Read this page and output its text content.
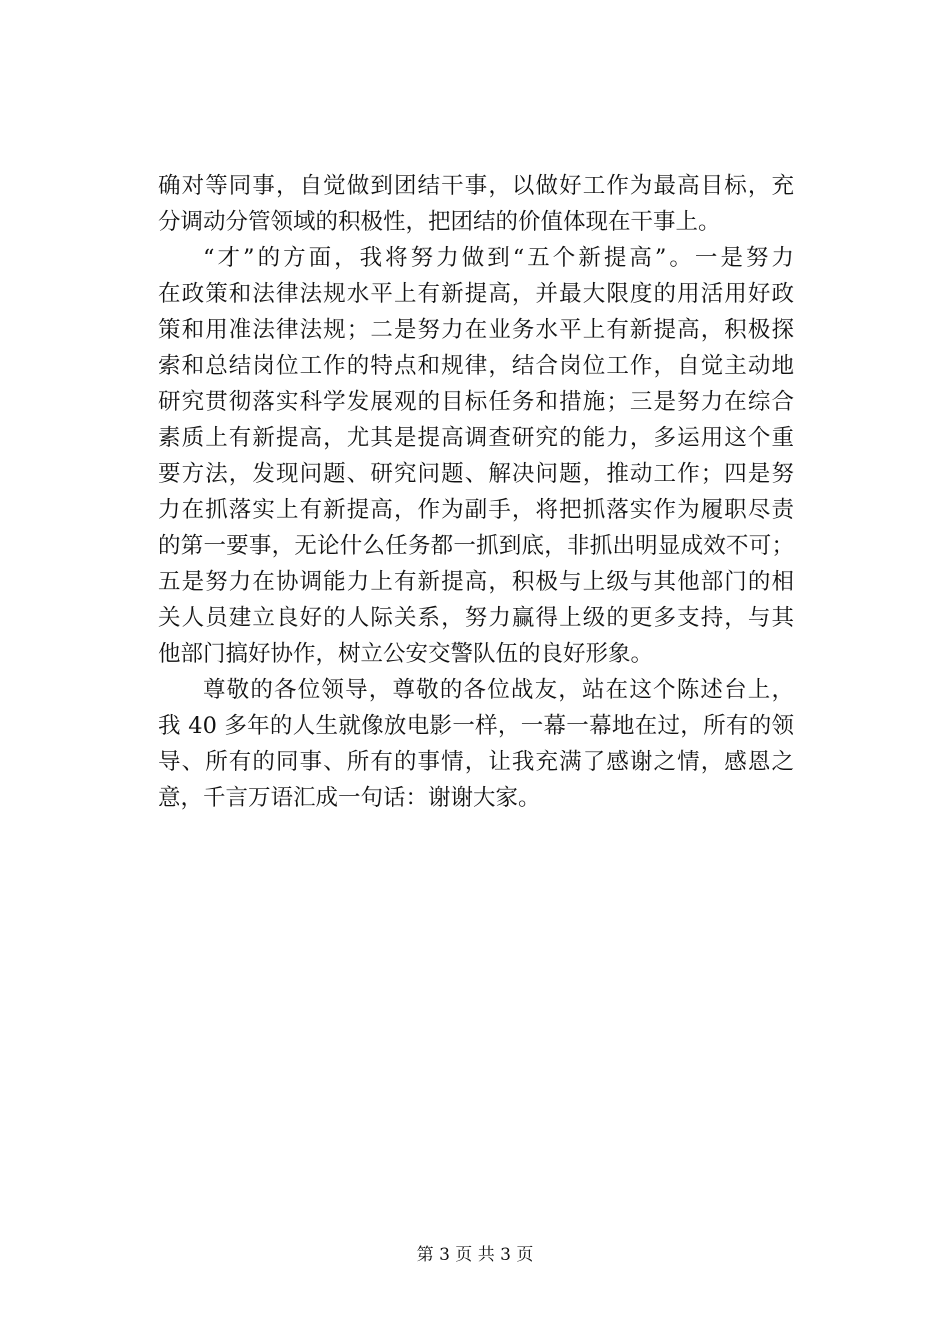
确对等同事，自觉做到团结干事，以做好工作为最高目标，充
分调动分管领域的积极性，把团结的价值体现在干事上。
“才”的方面，我将努力做到“五个新提高”。一是努力
在政策和法律法规水平上有新提高，并最大限度的用活用好政
策和用准法律法规；二是努力在业务水平上有新提高，积极探
索和总结岗位工作的特点和规律，结合岗位工作，自觉主动地
研究贯彻落实科学发展观的目标任务和措施；三是努力在综合
素质上有新提高，尤其是提高调查研究的能力，多运用这个重
要方法，发现问题、研究问题、解决问题，推动工作；四是努
力在抓落实上有新提高，作为副手，将把抓落实作为履职尽责
的第一要事，无论什么任务都一抓到底，非抓出明显成效不可；
五是努力在协调能力上有新提高，积极与上级与其他部门的相
关人员建立良好的人际关系，努力赢得上级的更多支持，与其
他部门搞好协作，树立公安交警队伍的良好形象。
尊敬的各位领导，尊敬的各位战友，站在这个陈述台上，
我 40 多年的人生就像放电影一样，一幕一幕地在过，所有的领
导、所有的同事、所有的事情，让我充满了感谢之情，感恩之
意，千言万语汇成一句话：谢谢大家。
第 3 页 共 3 页
